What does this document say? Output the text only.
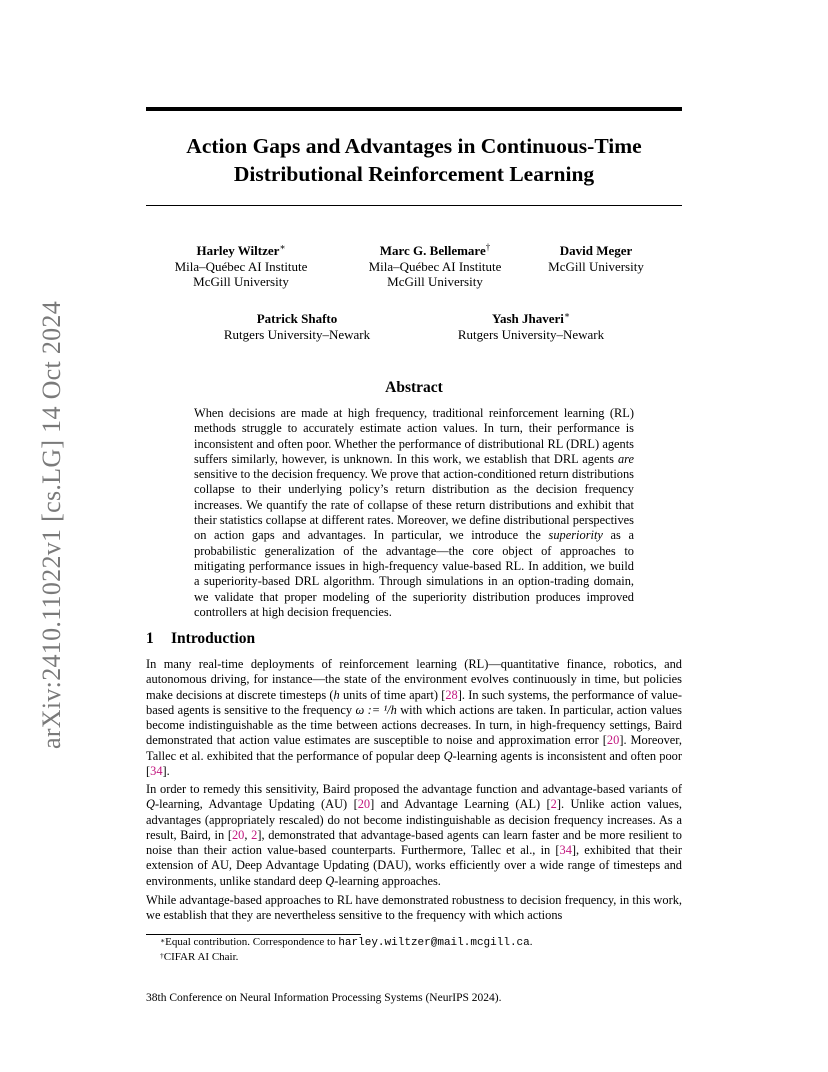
arXiv:2410.11022v1 [cs.LG] 14 Oct 2024
Action Gaps and Advantages in Continuous-Time
Distributional Reinforcement Learning
Harley Wiltzer∗
Mila–Québec AI Institute
McGill University
Marc G. Bellemare†
Mila–Québec AI Institute
McGill University
David Meger
McGill University
Patrick Shafto
Rutgers University–Newark
Yash Jhaveri∗
Rutgers University–Newark
Abstract

When decisions are made at high frequency, traditional reinforcement learning (RL) methods struggle to accurately estimate action values. In turn, their performance is inconsistent and often poor. Whether the performance of distributional RL (DRL) agents suffers similarly, however, is unknown. In this work, we establish that DRL agents are sensitive to the decision frequency. We prove that action-conditioned return distributions collapse to their underlying policy’s return distribution as the decision frequency increases. We quantify the rate of collapse of these return distributions and exhibit that their statistics collapse at different rates. Moreover, we define distributional perspectives on action gaps and advantages. In particular, we introduce the superiority as a probabilistic generalization of the advantage—the core object of approaches to mitigating performance issues in high-frequency value-based RL. In addition, we build a superiority-based DRL algorithm. Through simulations in an option-trading domain, we validate that proper modeling of the superiority distribution produces improved controllers at high decision frequencies.

1 Introduction

In many real-time deployments of reinforcement learning (RL)—quantitative finance, robotics, and autonomous driving, for instance—the state of the environment evolves continuously in time, but policies make decisions at discrete timesteps (h units of time apart) [28]. In such systems, the performance of value-based agents is sensitive to the frequency ω := ¹/h with which actions are taken. In particular, action values become indistinguishable as the time between actions decreases. In turn, in high-frequency settings, Baird demonstrated that action value estimates are susceptible to noise and approximation error [20]. Moreover, Tallec et al. exhibited that the performance of popular deep Q-learning agents is inconsistent and often poor [34].

In order to remedy this sensitivity, Baird proposed the advantage function and advantage-based variants of Q-learning, Advantage Updating (AU) [20] and Advantage Learning (AL) [2]. Unlike action values, advantages (appropriately rescaled) do not become indistinguishable as decision frequency increases. As a result, Baird, in [20, 2], demonstrated that advantage-based agents can learn faster and be more resilient to noise than their action value-based counterparts. Furthermore, Tallec et al., in [34], exhibited that their extension of AU, Deep Advantage Updating (DAU), works efficiently over a wide range of timesteps and environments, unlike standard deep Q-learning approaches.

While advantage-based approaches to RL have demonstrated robustness to decision frequency, in this work, we establish that they are nevertheless sensitive to the frequency with which actions

∗Equal contribution. Correspondence to harley.wiltzer@mail.mcgill.ca.
†CIFAR AI Chair.
38th Conference on Neural Information Processing Systems (NeurIPS 2024).
